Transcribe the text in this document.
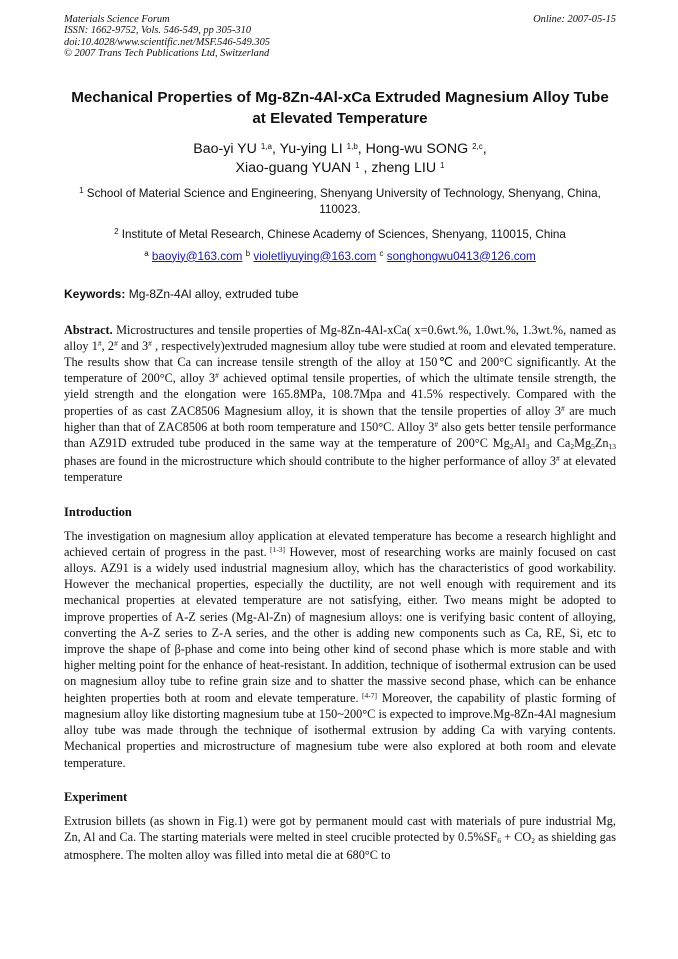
Materials Science Forum
ISSN: 1662-9752, Vols. 546-549, pp 305-310
doi:10.4028/www.scientific.net/MSF.546-549.305
© 2007 Trans Tech Publications Ltd, Switzerland
Online: 2007-05-15
Mechanical Properties of Mg-8Zn-4Al-xCa Extruded Magnesium Alloy Tube at Elevated Temperature
Bao-yi YU $^{1,a}$, Yu-ying LI $^{1,b}$, Hong-wu SONG $^{2,c}$,
Xiao-guang YUAN $^1$ , zheng LIU $^1$
$^1$ School of Material Science and Engineering, Shenyang University of Technology, Shenyang, China, 110023.
$^2$ Institute of Metal Research, Chinese Academy of Sciences, Shenyang, 110015, China
$^a$ baoyiy@163.com $^b$ violetliyuying@163.com $^c$ songhongwu0413@126.com
Keywords: Mg-8Zn-4Al alloy, extruded tube
Abstract. Microstructures and tensile properties of Mg-8Zn-4Al-xCa( x=0.6wt.%, 1.0wt.%, 1.3wt.%, named as alloy 1#, 2# and 3# , respectively)extruded magnesium alloy tube were studied at room and elevated temperature. The results show that Ca can increase tensile strength of the alloy at 150℃ and 200°C significantly. At the temperature of 200°C, alloy 3# achieved optimal tensile properties, of which the ultimate tensile strength, the yield strength and the elongation were 165.8MPa, 108.7Mpa and 41.5% respectively. Compared with the properties of as cast ZAC8506 Magnesium alloy, it is shown that the tensile properties of alloy 3# are much higher than that of ZAC8506 at both room temperature and 150°C. Alloy 3# also gets better tensile performance than AZ91D extruded tube produced in the same way at the temperature of 200°C $Mg_2Al_3$ and $Ca_2Mg_5Zn_{13}$ phases are found in the microstructure which should contribute to the higher performance of alloy 3# at elevated temperature
Introduction
The investigation on magnesium alloy application at elevated temperature has become a research highlight and achieved certain of progress in the past. [1-3] However, most of researching works are mainly focused on cast alloys. AZ91 is a widely used industrial magnesium alloy, which has the characteristics of good workability. However the mechanical properties, especially the ductility, are not well enough with requirement and its mechanical properties at elevated temperature are not satisfying, either. Two means might be adopted to improve properties of A-Z series (Mg-Al-Zn) of magnesium alloys: one is verifying basic content of alloying, converting the A-Z series to Z-A series, and the other is adding new components such as Ca, RE, Si, etc to improve the shape of β-phase and come into being other kind of second phase which is more stable and with higher melting point for the enhance of heat-resistant. In addition, technique of isothermal extrusion can be used on magnesium alloy tube to refine grain size and to shatter the massive second phase, which can be enhance heighten properties both at room and elevate temperature. [4-7] Moreover, the capability of plastic forming of magnesium alloy like distorting magnesium tube at 150~200°C is expected to improve.Mg-8Zn-4Al magnesium alloy tube was made through the technique of isothermal extrusion by adding Ca with varying contents. Mechanical properties and microstructure of magnesium tube were also explored at both room and elevate temperature.
Experiment
Extrusion billets (as shown in Fig.1) were got by permanent mould cast with materials of pure industrial Mg, Zn, Al and Ca. The starting materials were melted in steel crucible protected by $0.5\%SF_6 + CO_2$ as shielding gas atmosphere. The molten alloy was filled into metal die at 680°C to
